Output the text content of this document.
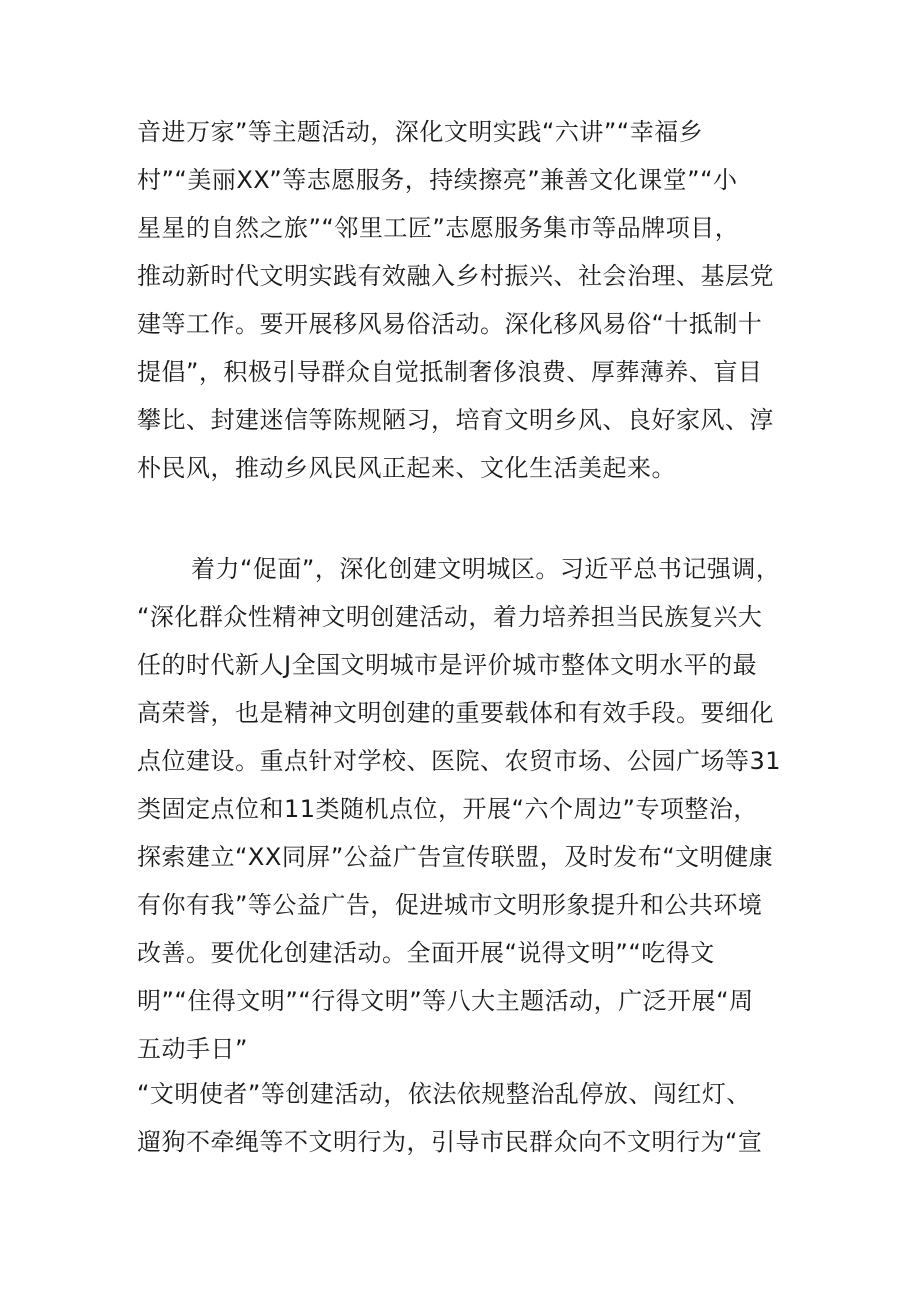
音进万家”等主题活动，深化文明实践“六讲”“幸福乡
村”“美丽XX”等志愿服务，持续擦亮”兼善文化课堂”“小
星星的自然之旅”“邻里工匠”志愿服务集市等品牌项目，
推动新时代文明实践有效融入乡村振兴、社会治理、基层党
建等工作。要开展移风易俗活动。深化移风易俗“十抵制十
提倡”，积极引导群众自觉抵制奢侈浪费、厚葬薄养、盲目
攀比、封建迷信等陈规陋习，培育文明乡风、良好家风、淳
朴民风，推动乡风民风正起来、文化生活美起来。
着力“促面”，深化创建文明城区。习近平总书记强调，
“深化群众性精神文明创建活动，着力培养担当民族复兴大
任的时代新人J全国文明城市是评价城市整体文明水平的最
高荣誉，也是精神文明创建的重要载体和有效手段。要细化
点位建设。重点针对学校、医院、农贸市场、公园广场等31
类固定点位和11类随机点位，开展“六个周边”专项整治，
探索建立“XX同屏”公益广告宣传联盟，及时发布“文明健康
有你有我”等公益广告，促进城市文明形象提升和公共环境
改善。要优化创建活动。全面开展“说得文明”“吃得文
明”“住得文明”“行得文明”等八大主题活动，广泛开展“周
五动手日”
“文明使者”等创建活动，依法依规整治乱停放、闯红灯、
遛狗不牵绳等不文明行为，引导市民群众向不文明行为“宣
